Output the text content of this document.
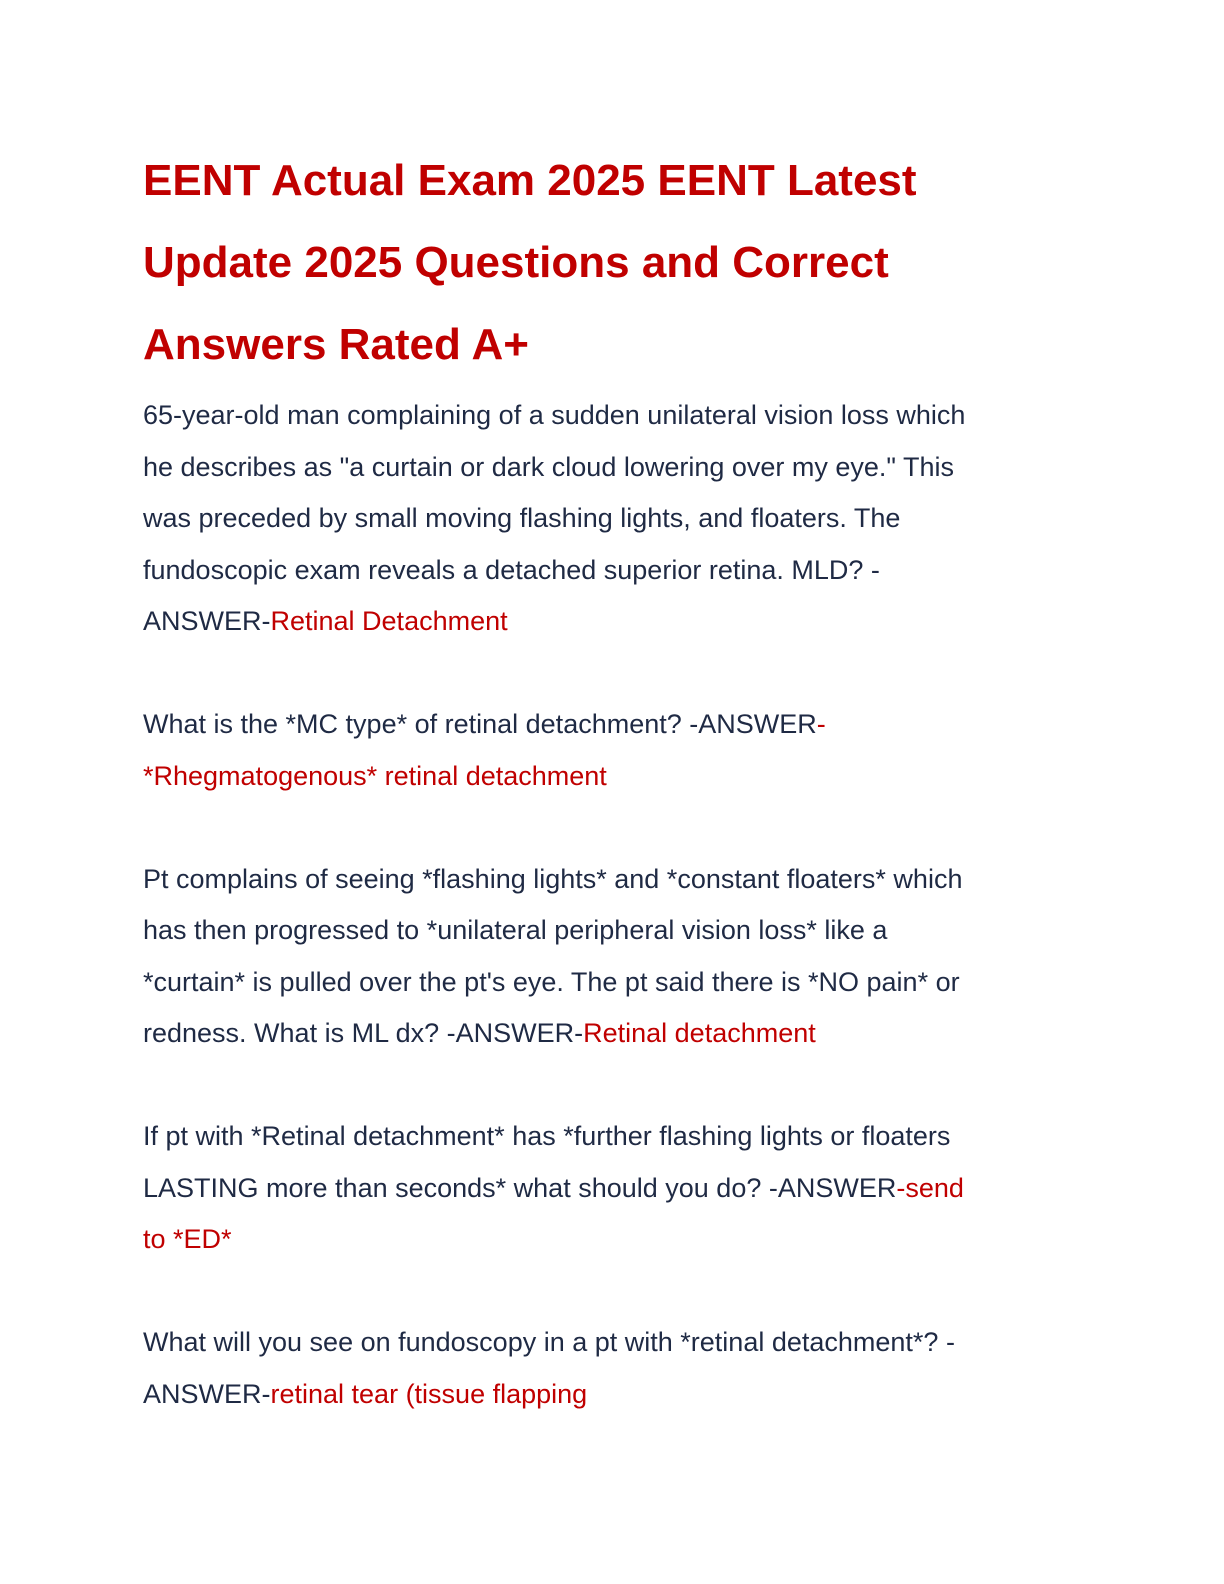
EENT Actual Exam 2025 EENT Latest
Update 2025 Questions and Correct
Answers Rated A+
65-year-old man complaining of a sudden unilateral vision loss which
he describes as "a curtain or dark cloud lowering over my eye." This
was preceded by small moving flashing lights, and floaters. The
fundoscopic exam reveals a detached superior retina. MLD? -
ANSWER-Retinal Detachment
What is the *MC type* of retinal detachment? -ANSWER-
*Rhegmatogenous* retinal detachment
Pt complains of seeing *flashing lights* and *constant floaters* which
has then progressed to *unilateral peripheral vision loss* like a
*curtain* is pulled over the pt's eye. The pt said there is *NO pain* or
redness. What is ML dx? -ANSWER-Retinal detachment
If pt with *Retinal detachment* has *further flashing lights or floaters
LASTING more than seconds* what should you do? -ANSWER-send
to *ED*
What will you see on fundoscopy in a pt with *retinal detachment*? -
ANSWER-retinal tear (tissue flapping
